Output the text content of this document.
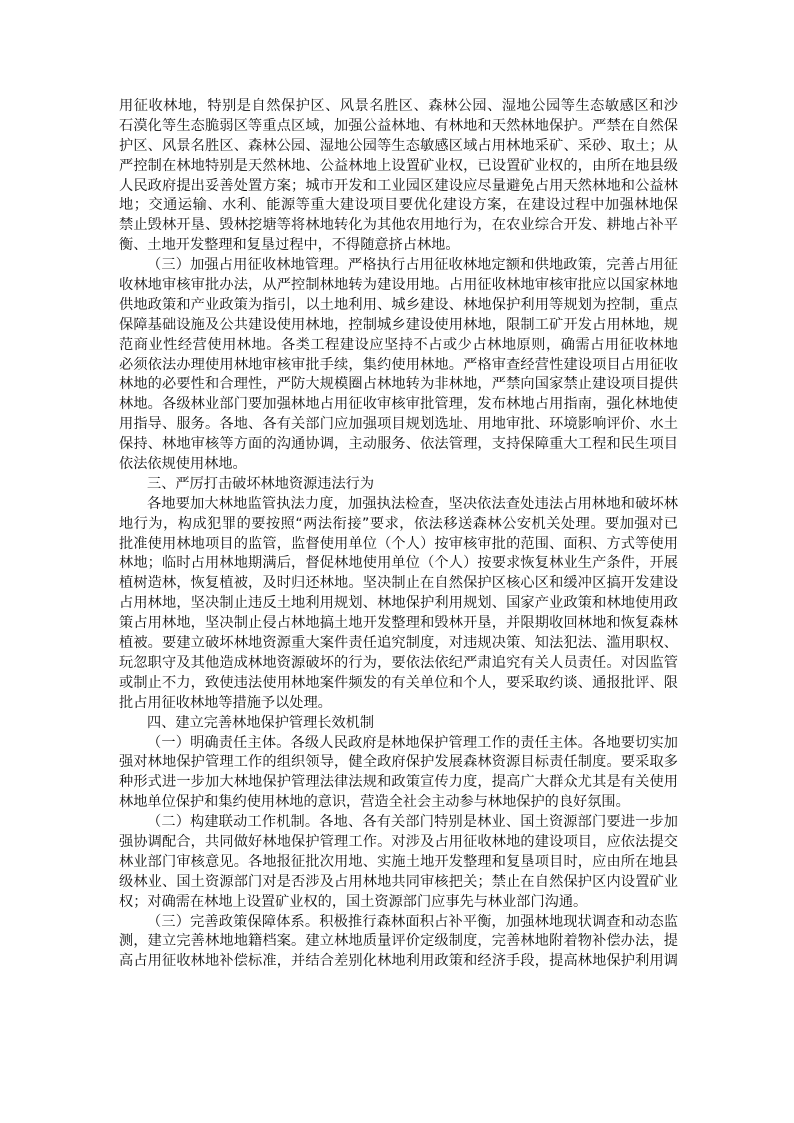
用征收林地，特别是自然保护区、风景名胜区、森林公园、湿地公园等生态敏感区和沙
石漠化等生态脆弱区等重点区域，加强公益林地、有林地和天然林地保护。严禁在自然保
护区、风景名胜区、森林公园、湿地公园等生态敏感区域占用林地采矿、采砂、取土；从
严控制在林地特别是天然林地、公益林地上设置矿业权，已设置矿业权的，由所在地县级
人民政府提出妥善处置方案；城市开发和工业园区建设应尽量避免占用天然林地和公益林
地；交通运输、水利、能源等重大建设项目要优化建设方案，在建设过程中加强林地保
禁止毁林开垦、毁林挖塘等将林地转化为其他农用地行为，在农业综合开发、耕地占补平
衡、土地开发整理和复垦过程中，不得随意挤占林地。
（三）加强占用征收林地管理。严格执行占用征收林地定额和供地政策，完善占用征
收林地审核审批办法，从严控制林地转为建设用地。占用征收林地审核审批应以国家林地
供地政策和产业政策为指引，以土地利用、城乡建设、林地保护利用等规划为控制，重点
保障基础设施及公共建设使用林地，控制城乡建设使用林地，限制工矿开发占用林地，规
范商业性经营使用林地。各类工程建设应坚持不占或少占林地原则，确需占用征收林地
必须依法办理使用林地审核审批手续，集约使用林地。严格审查经营性建设项目占用征收
林地的必要性和合理性，严防大规模圈占林地转为非林地，严禁向国家禁止建设项目提供
林地。各级林业部门要加强林地占用征收审核审批管理，发布林地占用指南，强化林地使
用指导、服务。各地、各有关部门应加强项目规划选址、用地审批、环境影响评价、水土
保持、林地审核等方面的沟通协调，主动服务、依法管理，支持保障重大工程和民生项目
依法依规使用林地。
三、严厉打击破坏林地资源违法行为
各地要加大林地监管执法力度，加强执法检查，坚决依法查处违法占用林地和破坏林
地行为，构成犯罪的要按照“两法衔接”要求，依法移送森林公安机关处理。要加强对已
批准使用林地项目的监管，监督使用单位（个人）按审核审批的范围、面积、方式等使用
林地；临时占用林地期满后，督促林地使用单位（个人）按要求恢复林业生产条件，开展
植树造林，恢复植被，及时归还林地。坚决制止在自然保护区核心区和缓冲区搞开发建设
占用林地，坚决制止违反土地利用规划、林地保护利用规划、国家产业政策和林地使用政
策占用林地，坚决制止侵占林地搞土地开发整理和毁林开垦，并限期收回林地和恢复森林
植被。要建立破坏林地资源重大案件责任追究制度，对违规决策、知法犯法、滥用职权、
玩忽职守及其他造成林地资源破坏的行为，要依法依纪严肃追究有关人员责任。对因监管
或制止不力，致使违法使用林地案件频发的有关单位和个人，要采取约谈、通报批评、限
批占用征收林地等措施予以处理。
四、建立完善林地保护管理长效机制
（一）明确责任主体。各级人民政府是林地保护管理工作的责任主体。各地要切实加
强对林地保护管理工作的组织领导，健全政府保护发展森林资源目标责任制度。要采取多
种形式进一步加大林地保护管理法律法规和政策宣传力度，提高广大群众尤其是有关使用
林地单位保护和集约使用林地的意识，营造全社会主动参与林地保护的良好氛围。
（二）构建联动工作机制。各地、各有关部门特别是林业、国土资源部门要进一步加
强协调配合，共同做好林地保护管理工作。对涉及占用征收林地的建设项目，应依法提交
林业部门审核意见。各地报征批次用地、实施土地开发整理和复垦项目时，应由所在地县
级林业、国土资源部门对是否涉及占用林地共同审核把关；禁止在自然保护区内设置矿业
权；对确需在林地上设置矿业权的，国土资源部门应事先与林业部门沟通。
（三）完善政策保障体系。积极推行森林面积占补平衡，加强林地现状调查和动态监
测，建立完善林地地籍档案。建立林地质量评价定级制度，完善林地附着物补偿办法，提
高占用征收林地补偿标准，并结合差别化林地利用政策和经济手段，提高林地保护利用调
